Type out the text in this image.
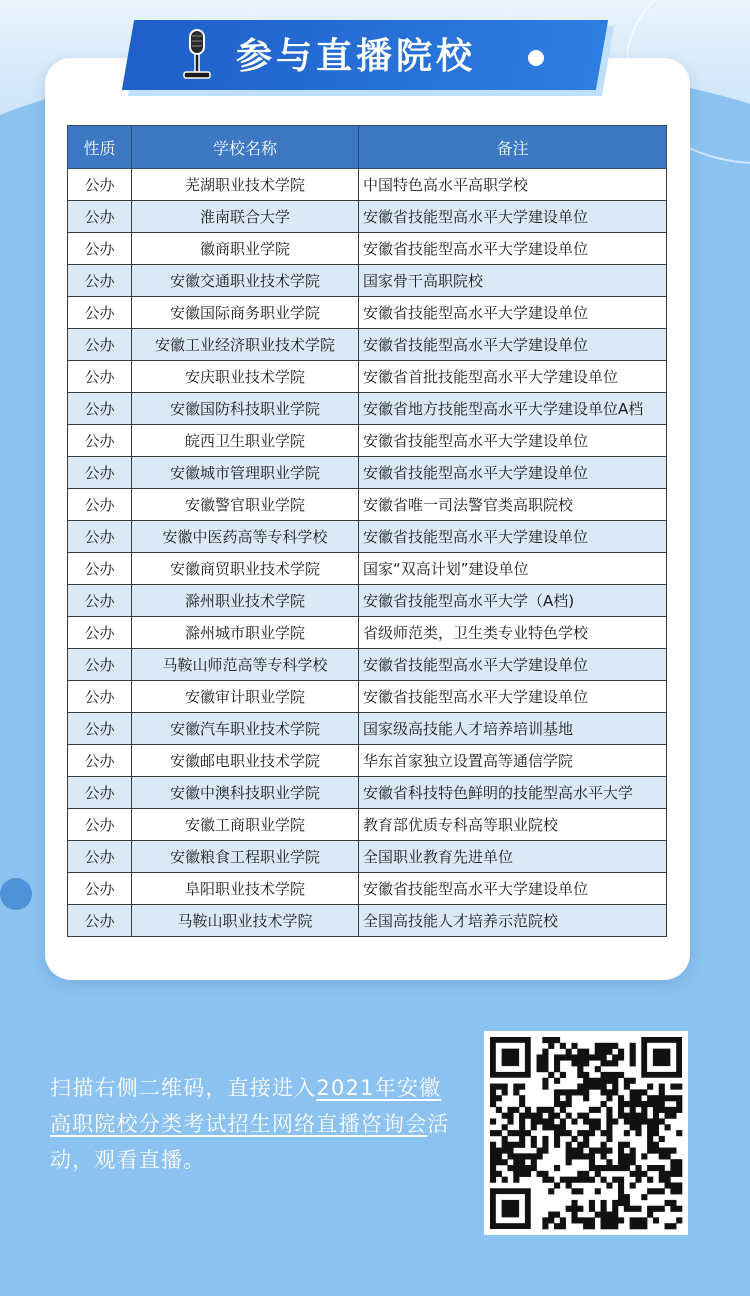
参与直播院校
性质	学校名称	备注
公办	芜湖职业技术学院	中国特色高水平高职学校
公办	淮南联合大学	安徽省技能型高水平大学建设单位
公办	徽商职业学院	安徽省技能型高水平大学建设单位
公办	安徽交通职业技术学院	国家骨干高职院校
公办	安徽国际商务职业学院	安徽省技能型高水平大学建设单位
公办	安徽工业经济职业技术学院	安徽省技能型高水平大学建设单位
公办	安庆职业技术学院	安徽省首批技能型高水平大学建设单位
公办	安徽国防科技职业学院	安徽省地方技能型高水平大学建设单位A档
公办	皖西卫生职业学院	安徽省技能型高水平大学建设单位
公办	安徽城市管理职业学院	安徽省技能型高水平大学建设单位
公办	安徽警官职业学院	安徽省唯一司法警官类高职院校
公办	安徽中医药高等专科学校	安徽省技能型高水平大学建设单位
公办	安徽商贸职业技术学院	国家“双高计划”建设单位
公办	滁州职业技术学院	安徽省技能型高水平大学（A档)
公办	滁州城市职业学院	省级师范类，卫生类专业特色学校
公办	马鞍山师范高等专科学校	安徽省技能型高水平大学建设单位
公办	安徽审计职业学院	安徽省技能型高水平大学建设单位
公办	安徽汽车职业技术学院	国家级高技能人才培养培训基地
公办	安徽邮电职业技术学院	华东首家独立设置高等通信学院
公办	安徽中澳科技职业学院	安徽省科技特色鲜明的技能型高水平大学
公办	安徽工商职业学院	教育部优质专科高等职业院校
公办	安徽粮食工程职业学院	全国职业教育先进单位
公办	阜阳职业技术学院	安徽省技能型高水平大学建设单位
公办	马鞍山职业技术学院	全国高技能人才培养示范院校
扫描右侧二维码，直接进入2021年安徽高职院校分类考试招生网络直播咨询会活动，观看直播。
